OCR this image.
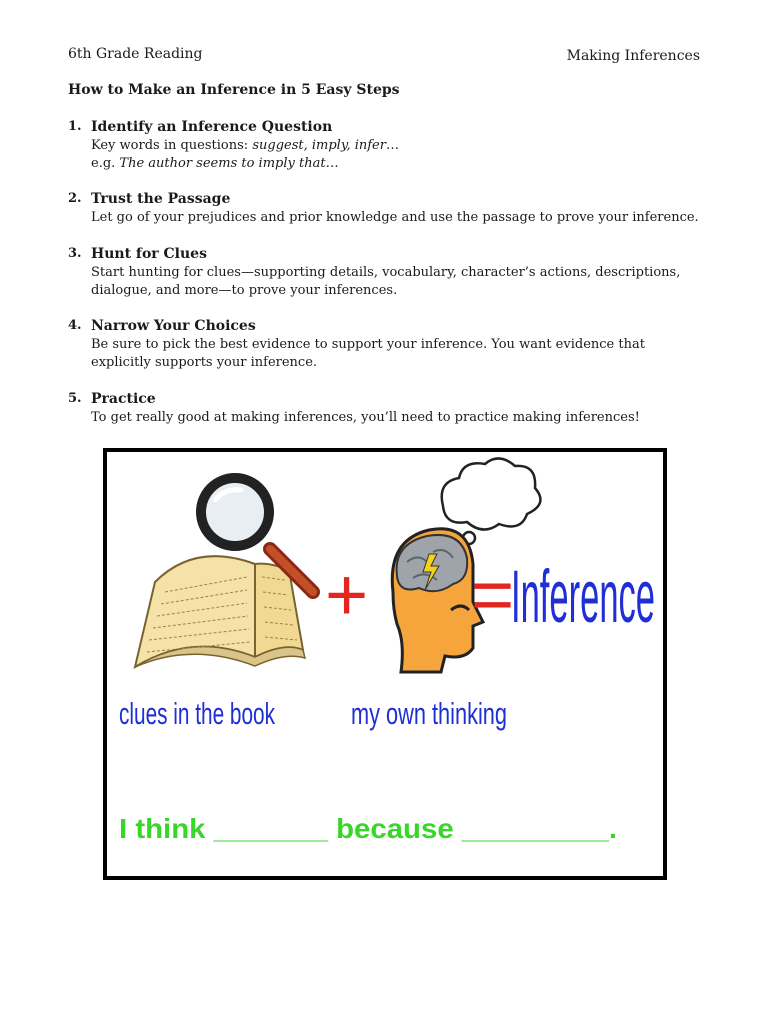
6th Grade Reading	Making Inferences
How to Make an Inference in 5 Easy Steps
1. Identify an Inference Question
Key words in questions: suggest, imply, infer…
e.g. The author seems to imply that…
2. Trust the Passage
Let go of your prejudices and prior knowledge and use the passage to prove your inference.
3. Hunt for Clues
Start hunting for clues—supporting details, vocabulary, character’s actions, descriptions,
dialogue, and more—to prove your inferences.
4. Narrow Your Choices
Be sure to pick the best evidence to support your inference. You want evidence that
explicitly supports your inference.
5. Practice
To get really good at making inferences, you’ll need to practice making inferences!
+ =
Inference
clues in the book my own thinking
I think _______ because _________.
